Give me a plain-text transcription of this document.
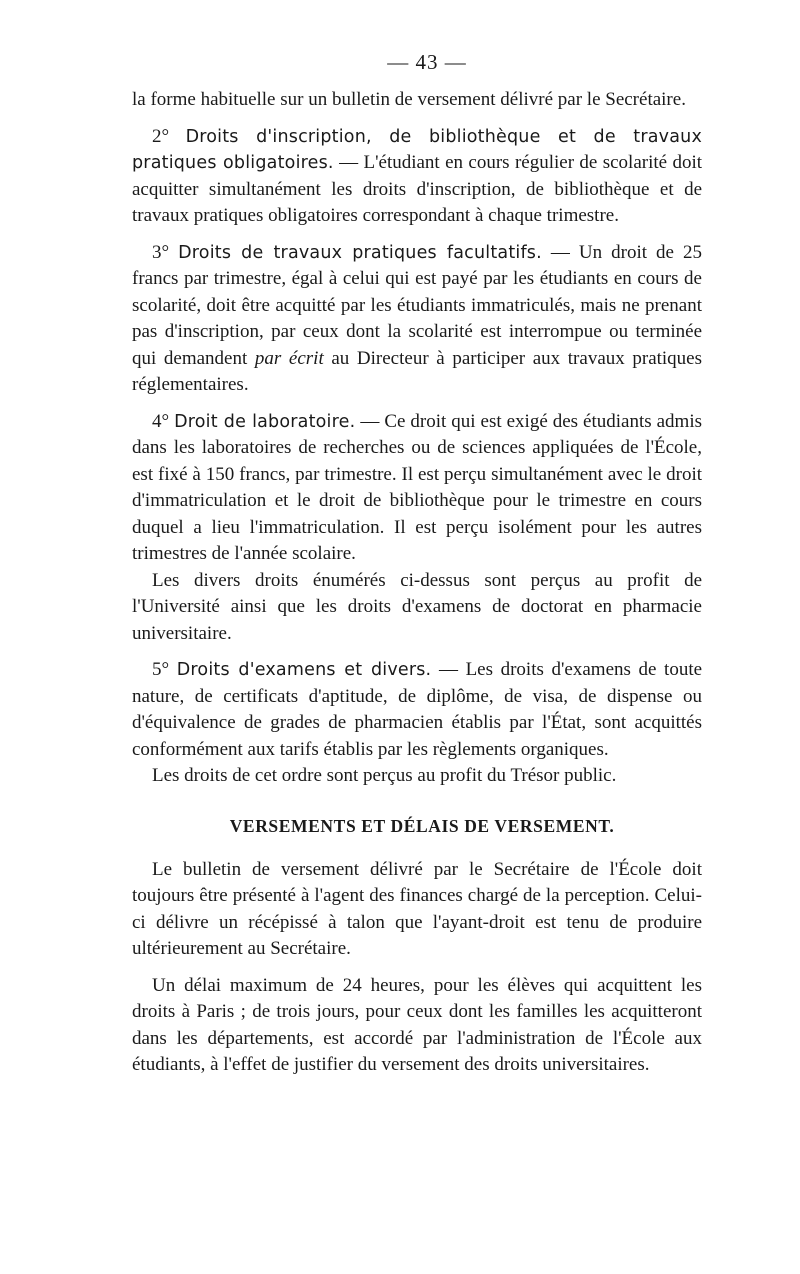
— 43 —

la forme habituelle sur un bulletin de versement délivré par le Secrétaire.

2° Droits d'inscription, de bibliothèque et de travaux pratiques obligatoires. — L'étudiant en cours régulier de scolarité doit acquitter simultanément les droits d'inscription, de bibliothèque et de travaux pratiques obligatoires correspondant à chaque trimestre.

3° Droits de travaux pratiques facultatifs. — Un droit de 25 francs par trimestre, égal à celui qui est payé par les étudiants en cours de scolarité, doit être acquitté par les étudiants immatriculés, mais ne prenant pas d'inscription, par ceux dont la scolarité est interrompue ou terminée qui demandent par écrit au Directeur à participer aux travaux pratiques réglementaires.

4° Droit de laboratoire. — Ce droit qui est exigé des étudiants admis dans les laboratoires de recherches ou de sciences appliquées de l'École, est fixé à 150 francs, par trimestre. Il est perçu simultanément avec le droit d'immatriculation et le droit de bibliothèque pour le trimestre en cours duquel a lieu l'immatriculation. Il est perçu isolément pour les autres trimestres de l'année scolaire.

Les divers droits énumérés ci-dessus sont perçus au profit de l'Université ainsi que les droits d'examens de doctorat en pharmacie universitaire.

5° Droits d'examens et divers. — Les droits d'examens de toute nature, de certificats d'aptitude, de diplôme, de visa, de dispense ou d'équivalence de grades de pharmacien établis par l'État, sont acquittés conformément aux tarifs établis par les règlements organiques.

Les droits de cet ordre sont perçus au profit du Trésor public.

VERSEMENTS ET DÉLAIS DE VERSEMENT.

Le bulletin de versement délivré par le Secrétaire de l'École doit toujours être présenté à l'agent des finances chargé de la perception. Celui-ci délivre un récépissé à talon que l'ayant-droit est tenu de produire ultérieurement au Secrétaire.

Un délai maximum de 24 heures, pour les élèves qui acquittent les droits à Paris ; de trois jours, pour ceux dont les familles les acquitteront dans les départements, est accordé par l'administration de l'École aux étudiants, à l'effet de justifier du versement des droits universitaires.
